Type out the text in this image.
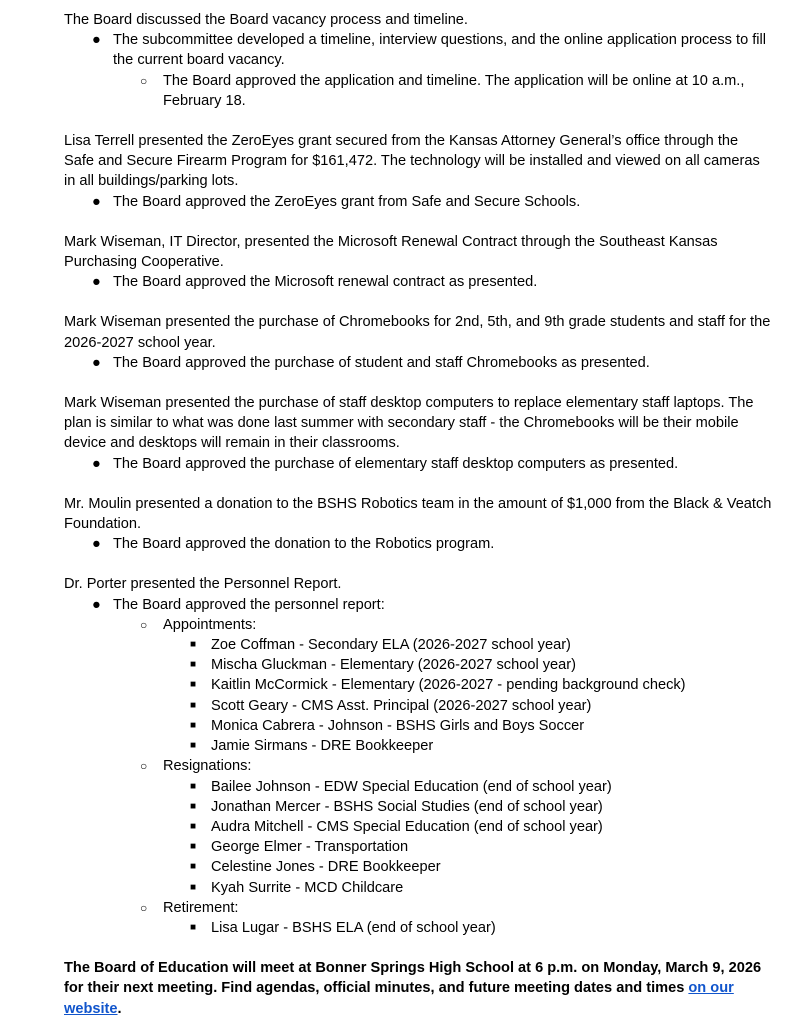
The Board discussed the Board vacancy process and timeline.

● The subcommittee developed a timeline, interview questions, and the online application process to fill the current board vacancy.
○	The Board approved the application and timeline. The application will be online at 10 a.m., February 18.

Lisa Terrell presented the ZeroEyes grant secured from the Kansas Attorney General’s office through the Safe and Secure Firearm Program for $161,472. The technology will be installed and viewed on all cameras in all buildings/parking lots.

● The Board approved the ZeroEyes grant from Safe and Secure Schools.

Mark Wiseman, IT Director, presented the Microsoft Renewal Contract through the Southeast Kansas Purchasing Cooperative.

● The Board approved the Microsoft renewal contract as presented.

Mark Wiseman presented the purchase of Chromebooks for 2nd, 5th, and 9th grade students and staff for the 2026-2027 school year.

● The Board approved the purchase of student and staff Chromebooks as presented.

Mark Wiseman presented the purchase of staff desktop computers to replace elementary staff laptops. The plan is similar to what was done last summer with secondary staff - the Chromebooks will be their mobile device and desktops will remain in their classrooms.

● The Board approved the purchase of elementary staff desktop computers as presented.

Mr. Moulin presented a donation to the BSHS Robotics team in the amount of $1,000 from the Black & Veatch Foundation.

● The Board approved the donation to the Robotics program.

Dr. Porter presented the Personnel Report.

● The Board approved the personnel report:
○	Appointments:
■	Zoe Coffman - Secondary ELA (2026-2027 school year)
■	Mischa Gluckman - Elementary (2026-2027 school year)
■	Kaitlin McCormick - Elementary (2026-2027 - pending background check)
■	Scott Geary - CMS Asst. Principal (2026-2027 school year)
■	Monica Cabrera - Johnson - BSHS Girls and Boys Soccer
■	Jamie Sirmans - DRE Bookkeeper
○	Resignations:
■	Bailee Johnson - EDW Special Education (end of school year)
■	Jonathan Mercer - BSHS Social Studies (end of school year)
■	Audra Mitchell - CMS Special Education (end of school year)
■	George Elmer - Transportation
■	Celestine Jones - DRE Bookkeeper
■	Kyah Surrite - MCD Childcare
○	Retirement:
■	Lisa Lugar - BSHS ELA (end of school year)

The Board of Education will meet at Bonner Springs High School at 6 p.m. on Monday, March 9, 2026 for their next meeting. Find agendas, official minutes, and future meeting dates and times on our website.
